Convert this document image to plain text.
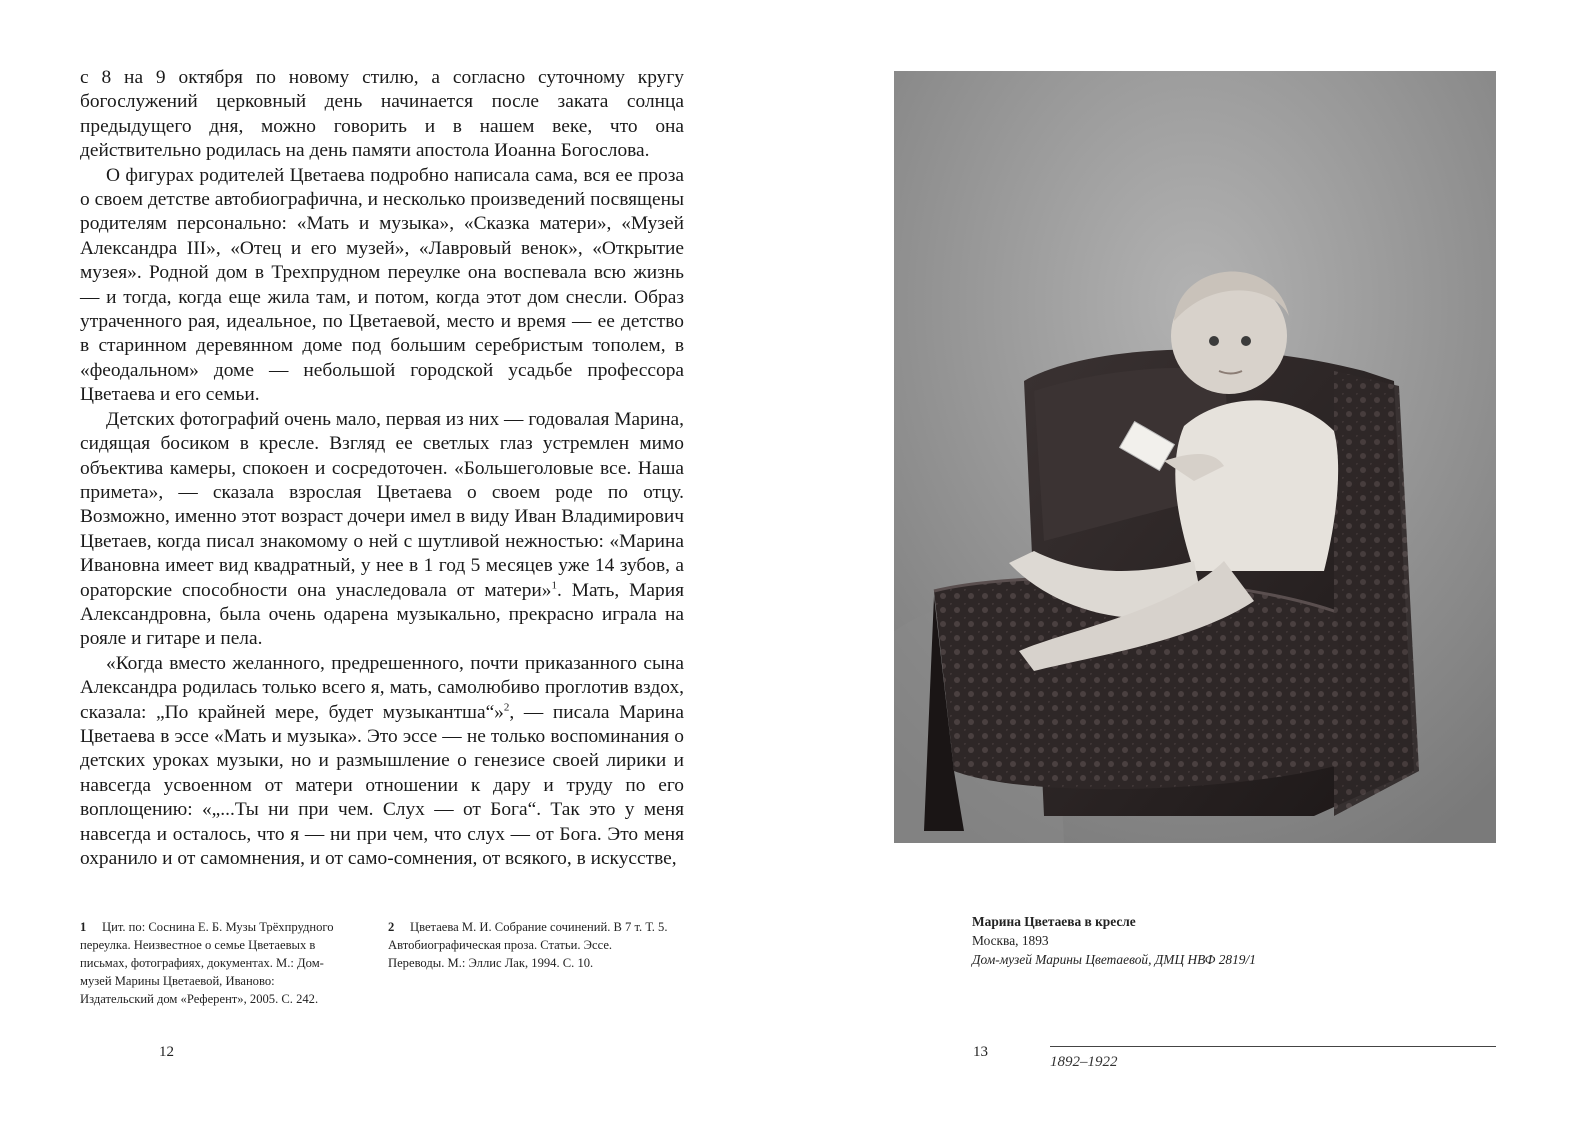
с 8 на 9 октября по новому стилю, а согласно суточному кругу богослужений церковный день начинается после заката солнца предыдущего дня, можно говорить и в нашем веке, что она действительно родилась на день памяти апостола Иоанна Богослова.

О фигурах родителей Цветаева подробно написала сама, вся ее проза о своем детстве автобиографична, и несколько произведений посвящены родителям персонально: «Мать и музыка», «Сказка матери», «Музей Александра III», «Отец и его музей», «Лавровый венок», «Открытие музея». Родной дом в Трехпрудном переулке она воспевала всю жизнь — и тогда, когда еще жила там, и потом, когда этот дом снесли. Образ утраченного рая, идеальное, по Цветаевой, место и время — ее детство в старинном деревянном доме под большим серебристым тополем, в «феодальном» доме — небольшой городской усадьбе профессора Цветаева и его семьи.

Детских фотографий очень мало, первая из них — годовалая Марина, сидящая босиком в кресле. Взгляд ее светлых глаз устремлен мимо объектива камеры, спокоен и сосредоточен. «Большеголовые все. Наша примета», — сказала взрослая Цветаева о своем роде по отцу. Возможно, именно этот возраст дочери имел в виду Иван Владимирович Цветаев, когда писал знакомому о ней с шутливой нежностью: «Марина Ивановна имеет вид квадратный, у нее в 1 год 5 месяцев уже 14 зубов, а ораторские способности она унаследовала от матери»$^1$. Мать, Мария Александровна, была очень одарена музыкально, прекрасно играла на рояле и гитаре и пела.

«Когда вместо желанного, предрешенного, почти приказанного сына Александра родилась только всего я, мать, самолюбиво проглотив вздох, сказала: „По крайней мере, будет музыкантша“»$^2$, — писала Марина Цветаева в эссе «Мать и музыка». Это эссе — не только воспоминания о детских уроках музыки, но и размышление о генезисе своей лирики и навсегда усвоенном от матери отношении к дару и труду по его воплощению: «„...Ты ни при чем. Слух — от Бога“. Так это у меня навсегда и осталось, что я — ни при чем, что слух — от Бога. Это меня охранило и от самомнения, и от само-сомнения, от всякого, в искусстве,

1 Цит. по: Соснина Е. Б. Музы Трёхпрудного переулка. Неизвестное о семье Цветаевых в письмах, фотографиях, документах. М.: Дом-музей Марины Цветаевой, Иваново: Издательский дом «Референт», 2005. С. 242.
2 Цветаева М. И. Собрание сочинений. В 7 т. Т. 5. Автобиографическая проза. Статьи. Эссе. Переводы. М.: Эллис Лак, 1994. С. 10.
12
Марина Цветаева в кресле
Москва, 1893
Дом-музей Марины Цветаевой, ДМЦ НВФ 2819/1
13
1892–1922
